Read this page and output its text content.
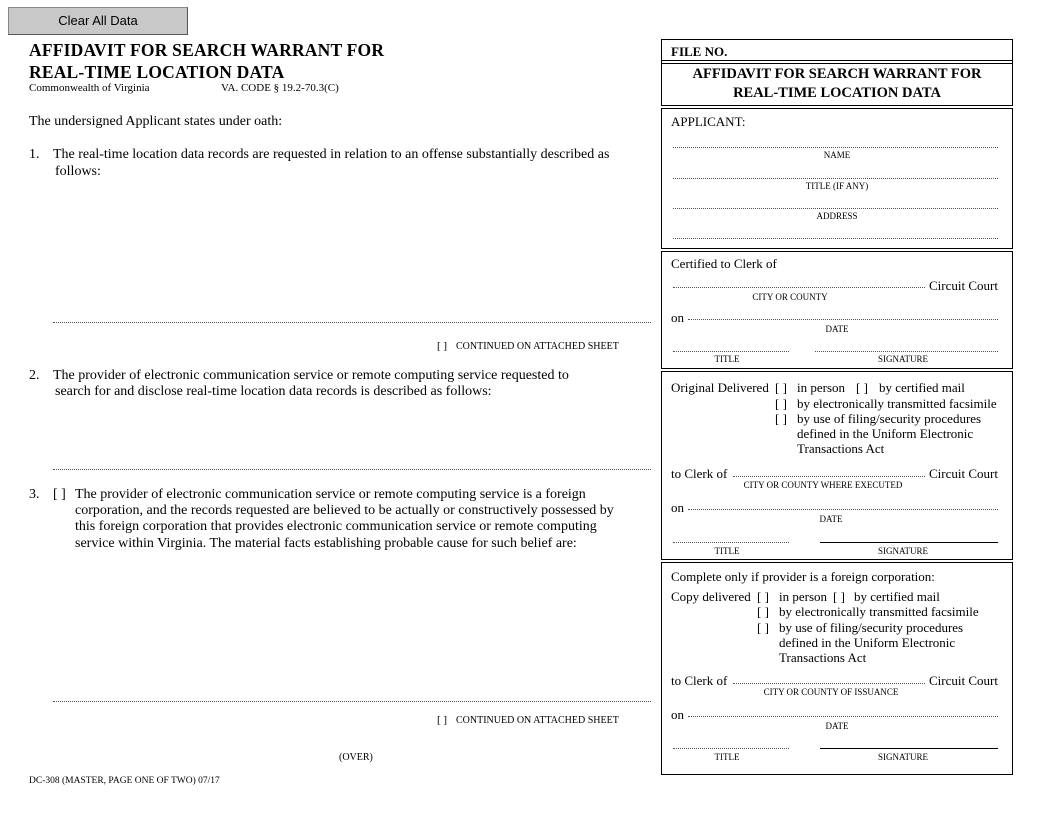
Clear All Data
AFFIDAVIT FOR SEARCH WARRANT FOR
REAL-TIME LOCATION DATA
Commonwealth of Virginia	VA. CODE § 19.2-70.3(C)
The undersigned Applicant states under oath:
1. The real-time location data records are requested in relation to an offense substantially described as
follows:
[ ] CONTINUED ON ATTACHED SHEET
2. The provider of electronic communication service or remote computing service requested to
search for and disclose real-time location data records is described as follows:
3. [ ] The provider of electronic communication service or remote computing service is a foreign
corporation, and the records requested are believed to be actually or constructively possessed by
this foreign corporation that provides electronic communication service or remote computing
service within Virginia. The material facts establishing probable cause for such belief are:
[ ] CONTINUED ON ATTACHED SHEET
(OVER)
DC-308 (MASTER, PAGE ONE OF TWO) 07/17
FILE NO.
AFFIDAVIT FOR SEARCH WARRANT FOR
REAL-TIME LOCATION DATA
APPLICANT:
NAME
TITLE (IF ANY)
ADDRESS
Certified to Clerk of
Circuit Court
CITY OR COUNTY
on
DATE
TITLE	SIGNATURE
Original Delivered [ ] in person [ ] by certified mail
[ ] by electronically transmitted facsimile
[ ] by use of filing/security procedures
defined in the Uniform Electronic
Transactions Act
to Clerk of	Circuit Court
CITY OR COUNTY WHERE EXECUTED
on
DATE
TITLE	SIGNATURE
Complete only if provider is a foreign corporation:
Copy delivered [ ] in person [ ] by certified mail
[ ] by electronically transmitted facsimile
[ ] by use of filing/security procedures
defined in the Uniform Electronic
Transactions Act
to Clerk of	Circuit Court
CITY OR COUNTY OF ISSUANCE
on
DATE
TITLE	SIGNATURE
